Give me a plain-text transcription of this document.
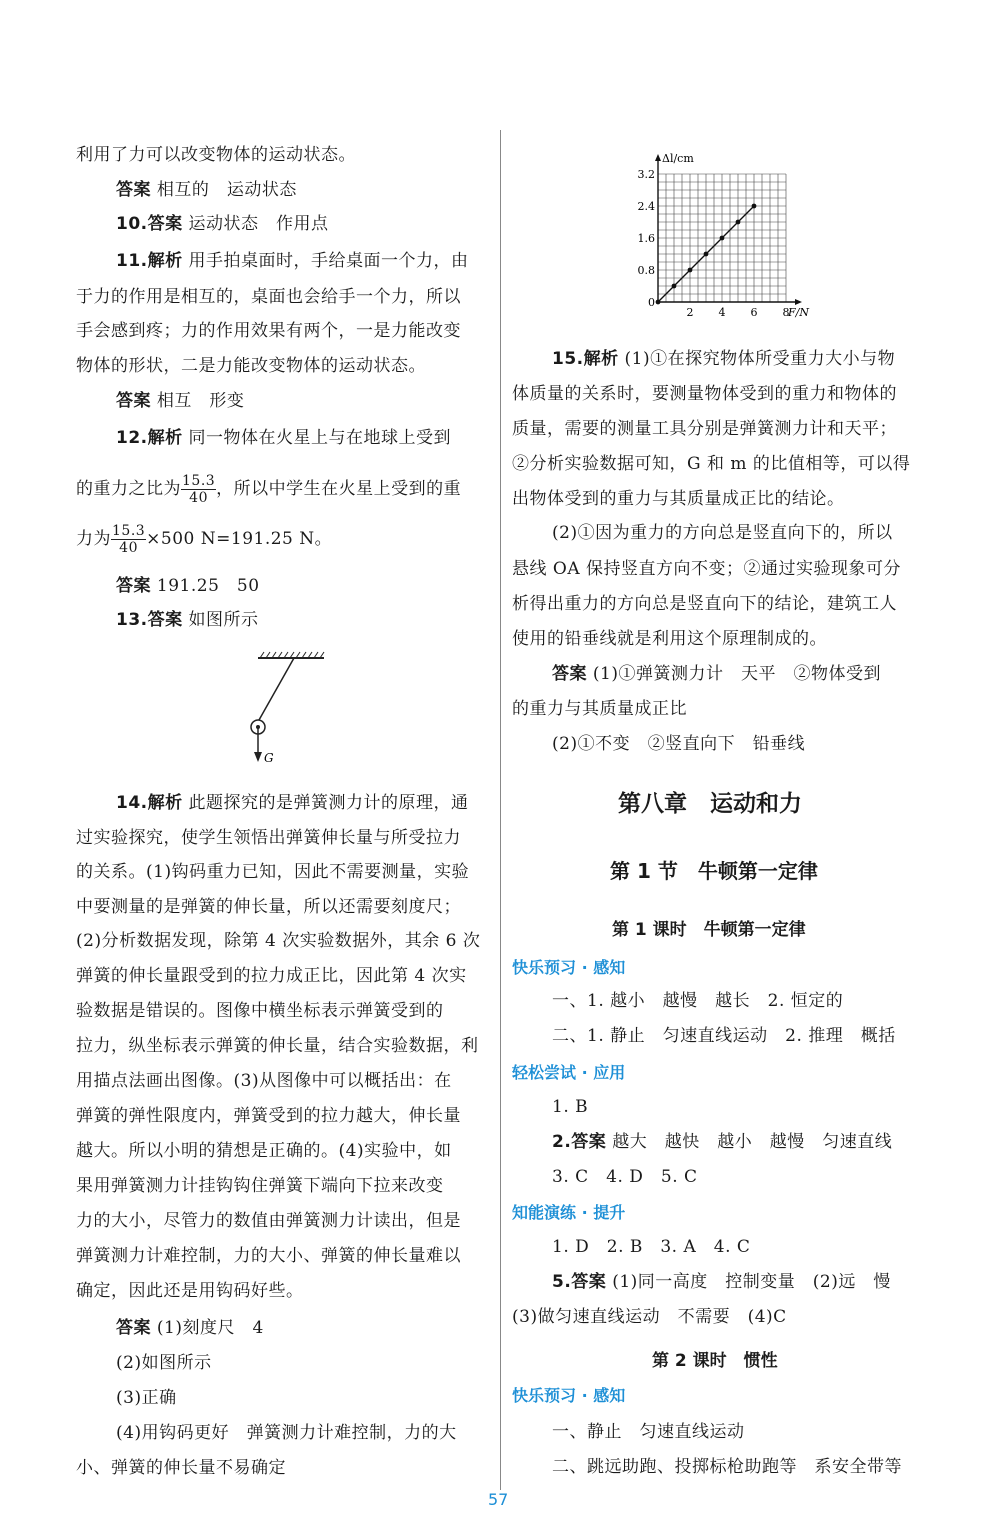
利用了力可以改变物体的运动状态。
答案 相互的　运动状态
10.答案 运动状态　作用点
11.解析 用手拍桌面时，手给桌面一个力，由
于力的作用是相互的，桌面也会给手一个力，所以
手会感到疼；力的作用效果有两个，一是力能改变
物体的形状，二是力能改变物体的运动状态。
答案 相互　形变
12.解析 同一物体在火星上与在地球上受到
的重力之比为 $\frac{15.3}{40}$ ，所以中学生在火星上受到的重
力为 $\frac{15.3}{40} \times 500$ N=191.25 N。
答案 191.25　50
13.答案 如图所示
G
14.解析 此题探究的是弹簧测力计的原理，通
过实验探究，使学生领悟出弹簧伸长量与所受拉力
的关系。(1)钩码重力已知，因此不需要测量，实验
中要测量的是弹簧的伸长量，所以还需要刻度尺；
(2)分析数据发现，除第 4 次实验数据外，其余 6 次
弹簧的伸长量跟受到的拉力成正比，因此第 4 次实
验数据是错误的。图像中横坐标表示弹簧受到的
拉力，纵坐标表示弹簧的伸长量，结合实验数据，利
用描点法画出图像。(3)从图像中可以概括出：在
弹簧的弹性限度内，弹簧受到的拉力越大，伸长量
越大。所以小明的猜想是正确的。(4)实验中，如
果用弹簧测力计挂钩钩住弹簧下端向下拉来改变
力的大小，尽管力的数值由弹簧测力计读出，但是
弹簧测力计难控制，力的大小、弹簧的伸长量难以
确定，因此还是用钩码好些。
答案 (1)刻度尺　4
(2)如图所示
(3)正确
(4)用钩码更好　弹簧测力计难控制，力的大
小、弹簧的伸长量不易确定
Δl/cm
F/N
3.2
2.4
1.6
0.8
0
2 4 6 8
15.解析 (1)①在探究物体所受重力大小与物
体质量的关系时，要测量物体受到的重力和物体的
质量，需要的测量工具分别是弹簧测力计和天平；
②分析实验数据可知，G 和 m 的比值相等，可以得
出物体受到的重力与其质量成正比的结论。
(2)①因为重力的方向总是竖直向下的，所以
悬线 OA 保持竖直方向不变；②通过实验现象可分
析得出重力的方向总是竖直向下的结论，建筑工人
使用的铅垂线就是利用这个原理制成的。
答案 (1)①弹簧测力计　天平　②物体受到
的重力与其质量成正比
(2)①不变　②竖直向下　铅垂线
第八章　运动和力
第 1 节　牛顿第一定律
第 1 课时　牛顿第一定律
快乐预习 · 感知
一、1. 越小　越慢　越长　2. 恒定的
二、1. 静止　匀速直线运动　2. 推理　概括
轻松尝试 · 应用
1. B
2.答案 越大　越快　越小　越慢　匀速直线
3. C　4. D　5. C
知能演练 · 提升
1. D　2. B　3. A　4. C
5.答案 (1)同一高度　控制变量　(2)远　慢
(3)做匀速直线运动　不需要　(4)C
第 2 课时　惯性
快乐预习 · 感知
一、静止　匀速直线运动
二、跳远助跑、投掷标枪助跑等　系安全带等
57
